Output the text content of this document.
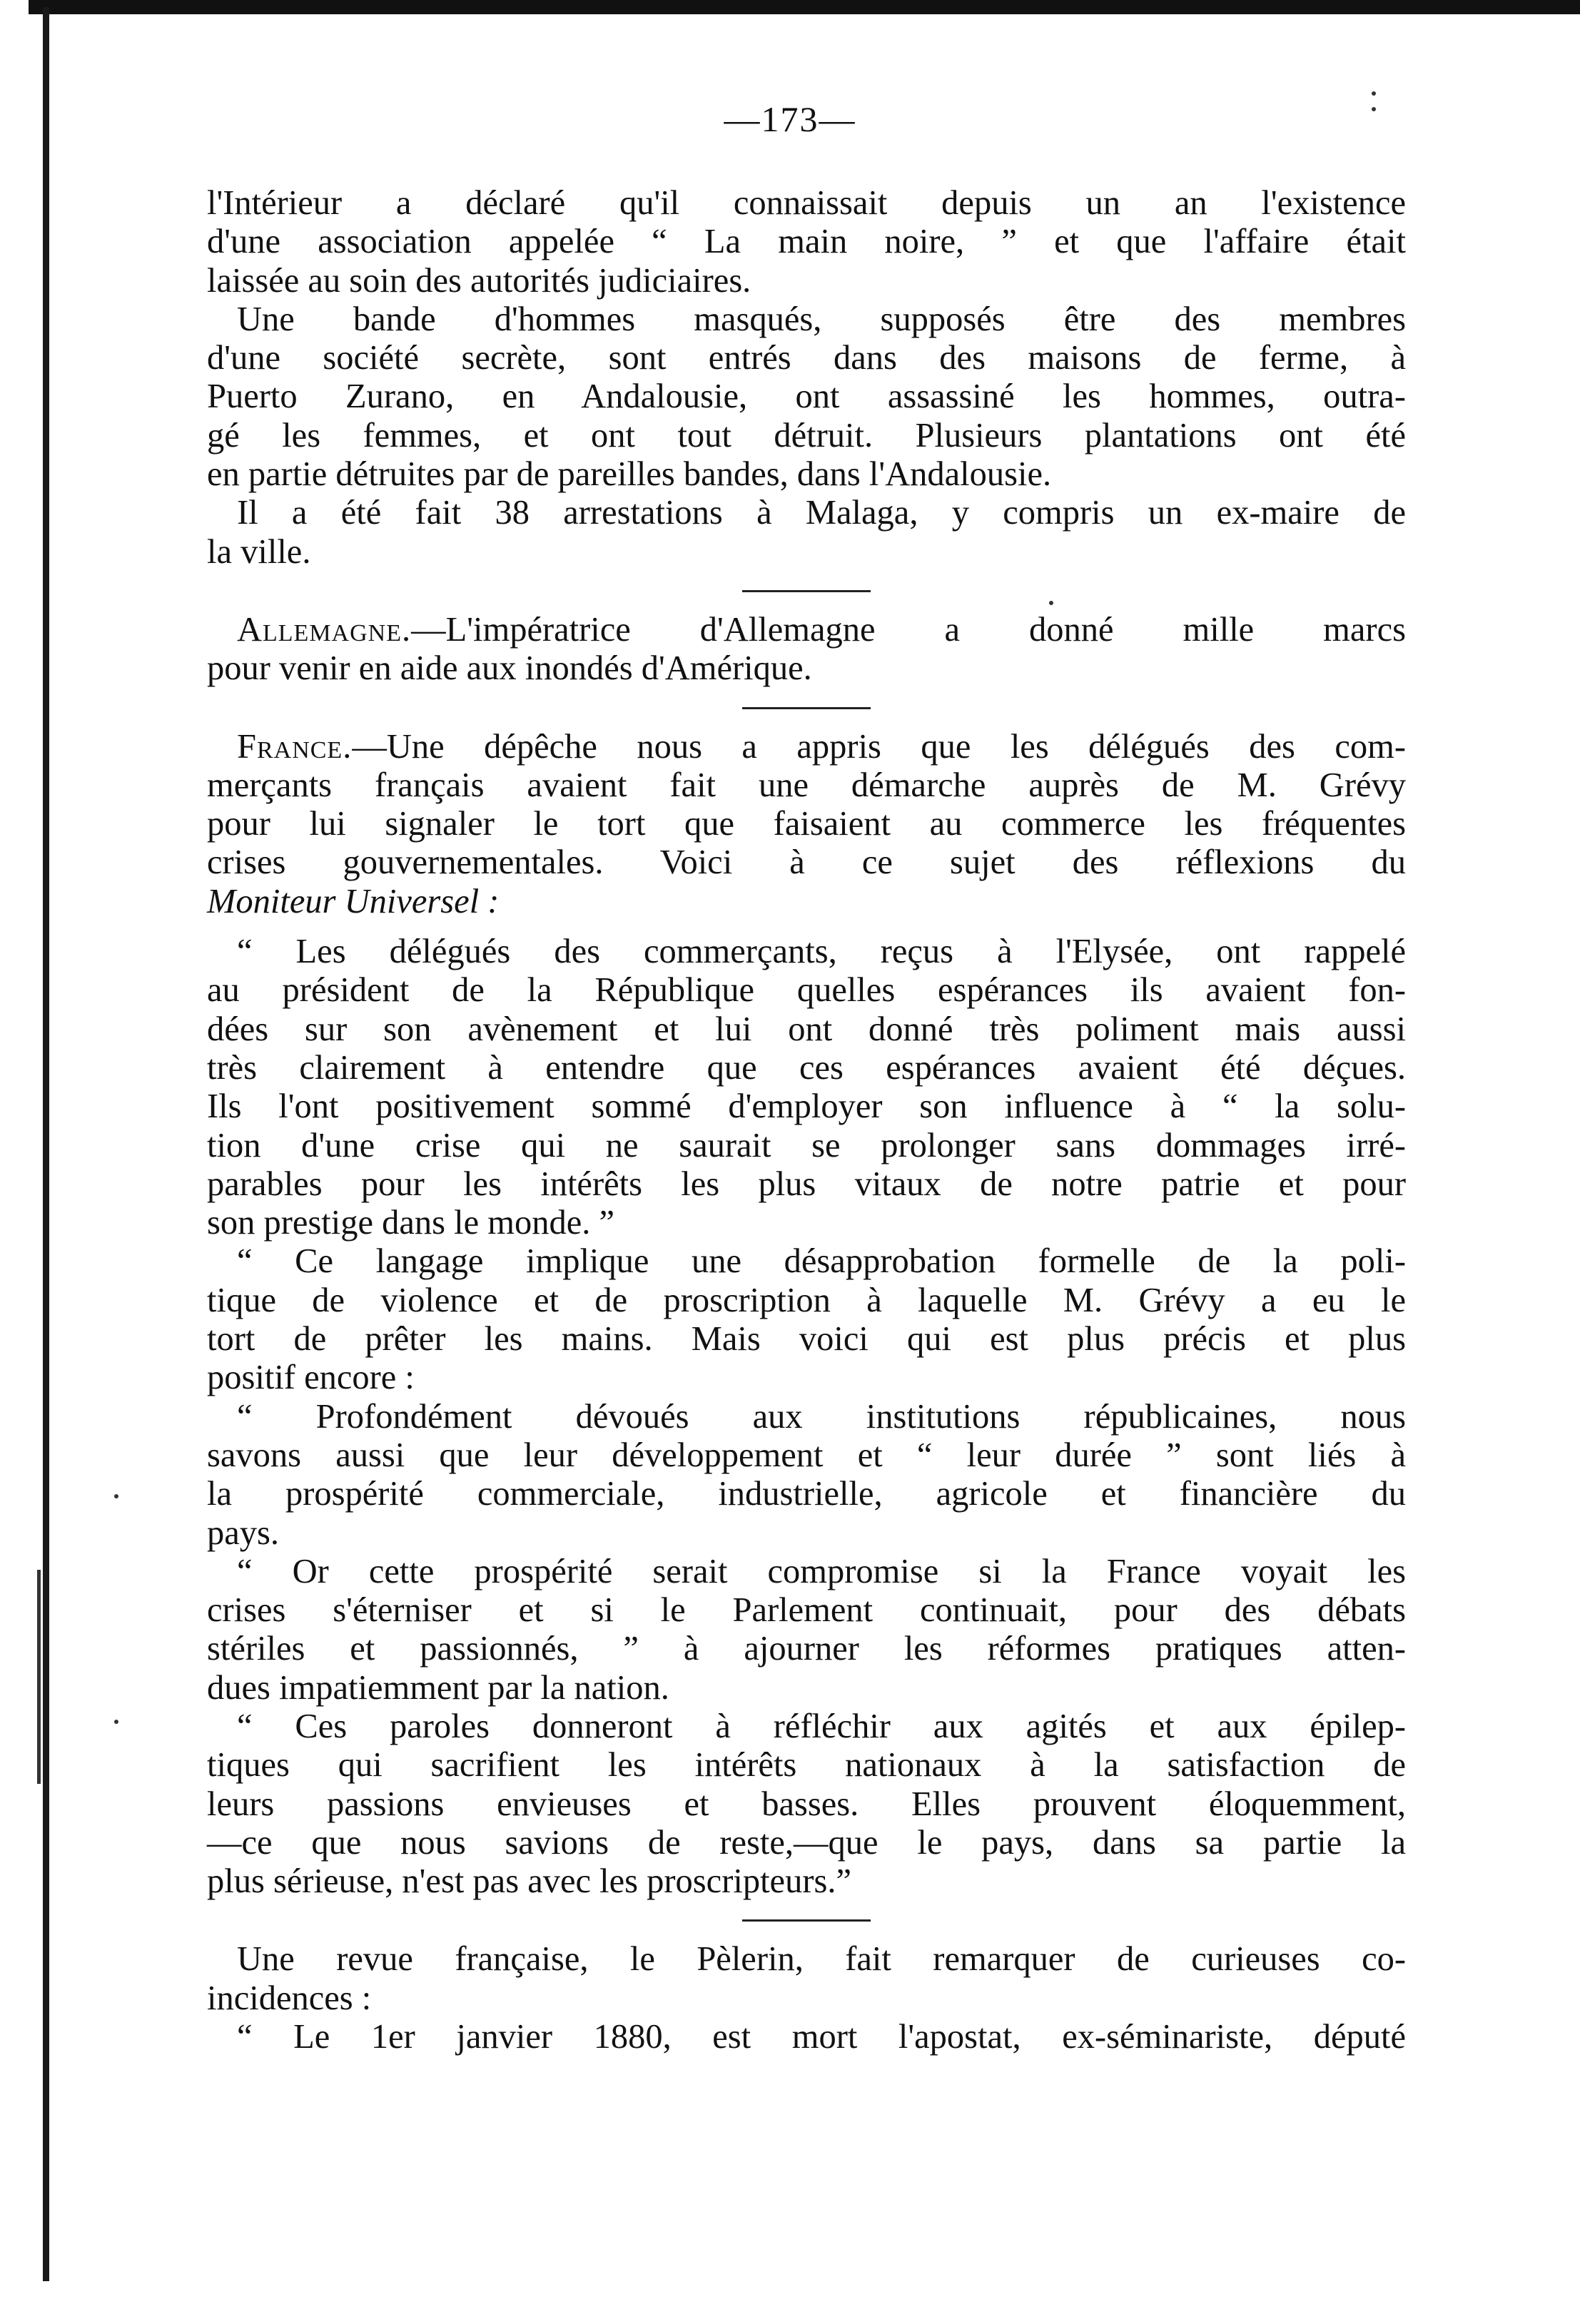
—173—

l'Intérieur a déclaré qu'il connaissait depuis un an l'existence
d'une association appelée “ La main noire, ” et que l'affaire était
laissée au soin des autorités judiciaires.

Une bande d'hommes masqués, supposés être des membres
d'une société secrète, sont entrés dans des maisons de ferme, à
Puerto Zurano, en Andalousie, ont assassiné les hommes, outra-
gé les femmes, et ont tout détruit. Plusieurs plantations ont été
en partie détruites par de pareilles bandes, dans l'Andalousie.

Il a été fait 38 arrestations à Malaga, y compris un ex-maire de
la ville.

Allemagne.—L'impératrice d'Allemagne a donné mille marcs
pour venir en aide aux inondés d'Amérique.

France.—Une dépêche nous a appris que les délégués des com-
merçants français avaient fait une démarche auprès de M. Grévy
pour lui signaler le tort que faisaient au commerce les fréquentes
crises gouvernementales. Voici à ce sujet des réflexions du
Moniteur Universel :

“ Les délégués des commerçants, reçus à l'Elysée, ont rappelé
au président de la République quelles espérances ils avaient fon-
dées sur son avènement et lui ont donné très poliment mais aussi
très clairement à entendre que ces espérances avaient été déçues.
Ils l'ont positivement sommé d'employer son influence à “ la solu-
tion d'une crise qui ne saurait se prolonger sans dommages irré-
parables pour les intérêts les plus vitaux de notre patrie et pour
son prestige dans le monde. ”

“ Ce langage implique une désapprobation formelle de la poli-
tique de violence et de proscription à laquelle M. Grévy a eu le
tort de prêter les mains. Mais voici qui est plus précis et plus
positif encore :

“ Profondément dévoués aux institutions républicaines, nous
savons aussi que leur développement et “ leur durée ” sont liés à
la prospérité commerciale, industrielle, agricole et financière du
pays.

“ Or cette prospérité serait compromise si la France voyait les
crises s'éterniser et si le Parlement continuait, pour des débats
stériles et passionnés, ” à ajourner les réformes pratiques atten-
dues impatiemment par la nation.

“ Ces paroles donneront à réfléchir aux agités et aux épilep-
tiques qui sacrifient les intérêts nationaux à la satisfaction de
leurs passions envieuses et basses. Elles prouvent éloquemment,
—ce que nous savions de reste,—que le pays, dans sa partie la
plus sérieuse, n'est pas avec les proscripteurs.”

Une revue française, le Pèlerin, fait remarquer de curieuses co-
incidences :
“ Le 1er janvier 1880, est mort l'apostat, ex-séminariste, député
